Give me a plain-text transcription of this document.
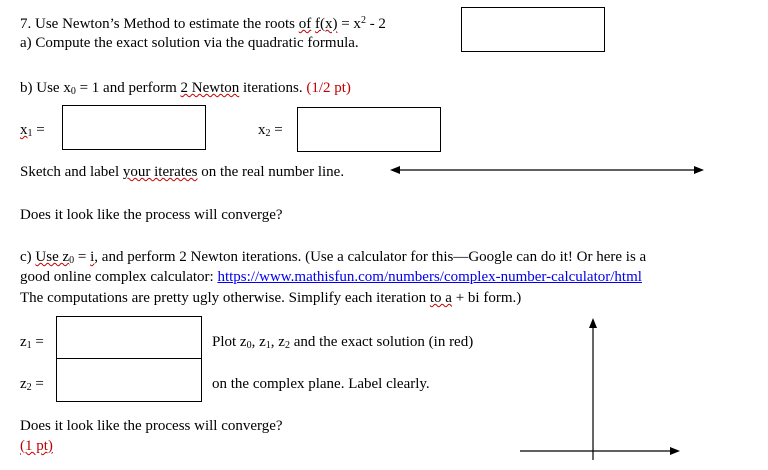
7. Use Newton’s Method to estimate the roots of $f(x) = x^2 - 2$
a) Compute the exact solution via the quadratic formula.
b) Use $x_0 = 1$ and perform 2 Newton iterations. (1/2 pt)
$x_1$ =	$x_2$ =
Sketch and label your iterates on the real number line.
Does it look like the process will converge?
c) Use $z_0 = i$, and perform 2 Newton iterations. (Use a calculator for this—Google can do it! Or here is a
good online complex calculator: https://www.mathisfun.com/numbers/complex-number-calculator/html
The computations are pretty ugly otherwise. Simplify each iteration to a + bi form.)
$z_1$ =
$z_2$ =
Plot $z_0$, $z_1$, $z_2$ and the exact solution (in red)
on the complex plane. Label clearly.
Does it look like the process will converge?
(1 pt)
